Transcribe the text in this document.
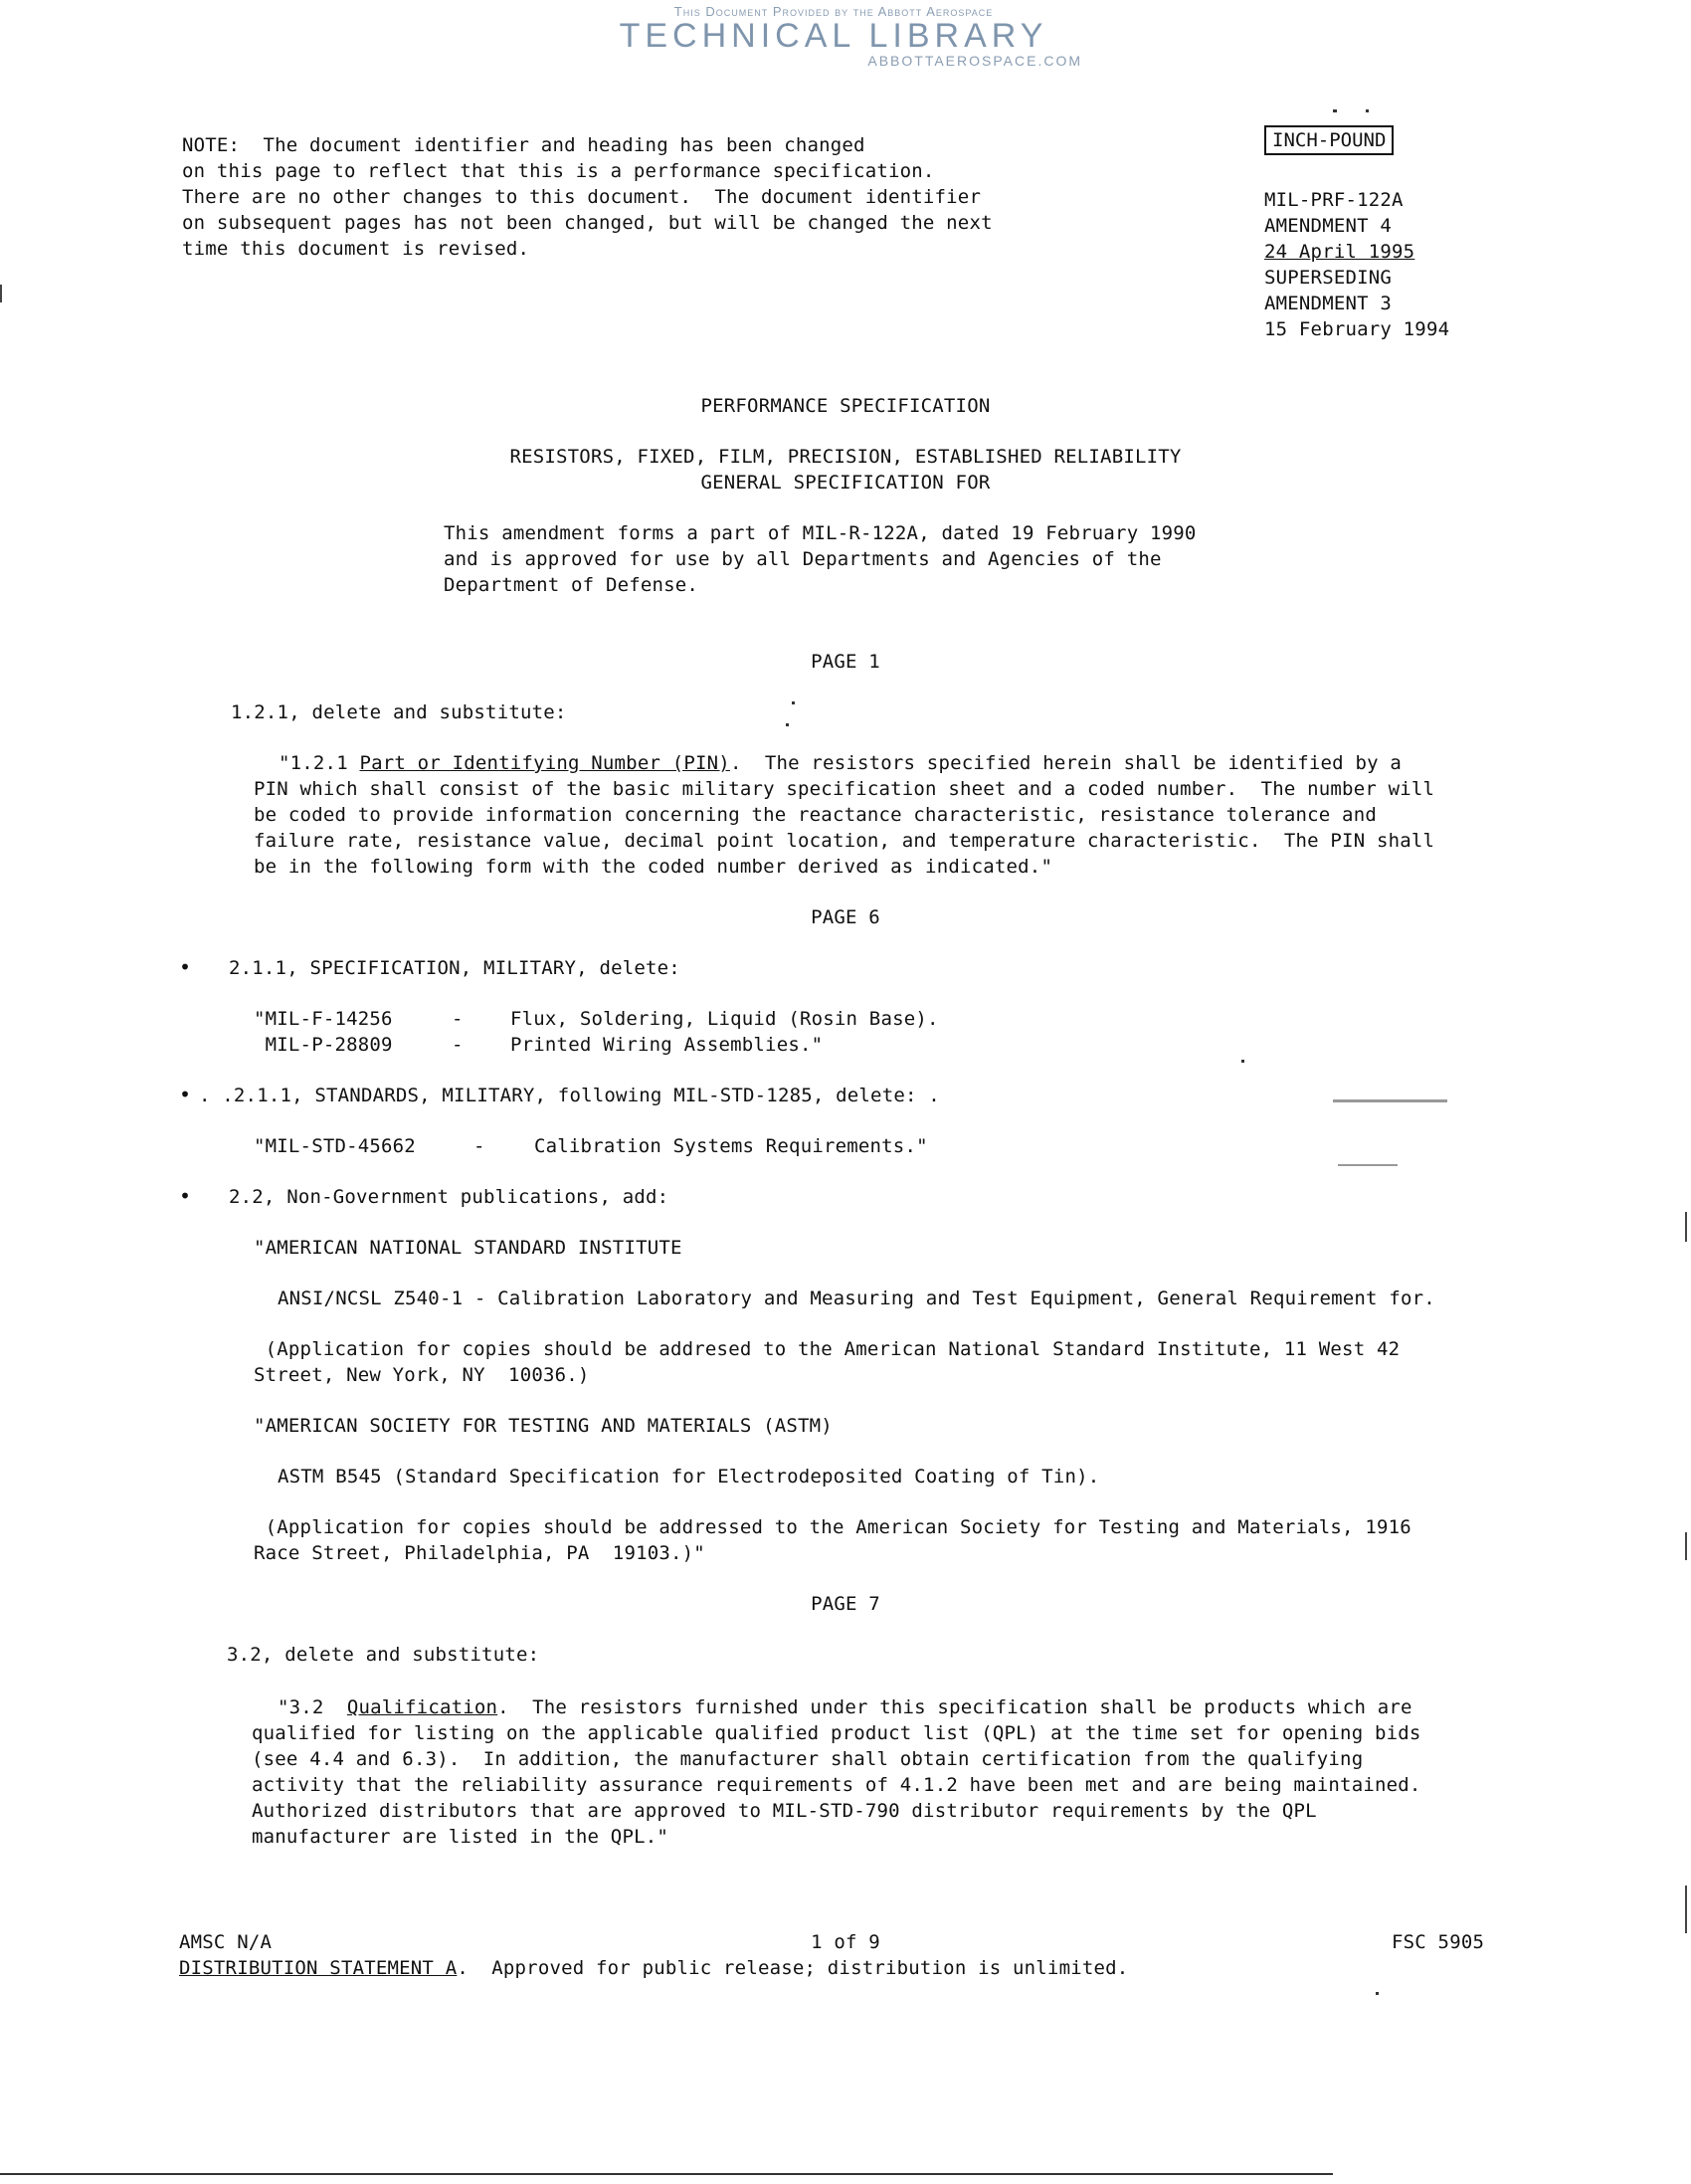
This Document Provided by the Abbott Aerospace
TECHNICAL LIBRARY
ABBOTTAEROSPACE.COM
NOTE:  The document identifier and heading has been changed
on this page to reflect that this is a performance specification.
There are no other changes to this document.  The document identifier
on subsequent pages has not been changed, but will be changed the next
time this document is revised.
INCH-POUND
MIL-PRF-122A
AMENDMENT 4
24 April 1995
SUPERSEDING
AMENDMENT 3
15 February 1994
PERFORMANCE SPECIFICATION
RESISTORS, FIXED, FILM, PRECISION, ESTABLISHED RELIABILITY
GENERAL SPECIFICATION FOR
This amendment forms a part of MIL-R-122A, dated 19 February 1990
and is approved for use by all Departments and Agencies of the
Department of Defense.
PAGE 1
1.2.1, delete and substitute:
"1.2.1 Part or Identifying Number (PIN).  The resistors specified herein shall be identified by a
PIN which shall consist of the basic military specification sheet and a coded number.  The number will
be coded to provide information concerning the reactance characteristic, resistance tolerance and
failure rate, resistance value, decimal point location, and temperature characteristic.  The PIN shall
be in the following form with the coded number derived as indicated."
PAGE 6
• 2.1.1, SPECIFICATION, MILITARY, delete:
"MIL-F-14256	- Flux, Soldering, Liquid (Rosin Base).
MIL-P-28809	- Printed Wiring Assemblies."
• . .2.1.1, STANDARDS, MILITARY, following MIL-STD-1285, delete: .
"MIL-STD-45662	-	Calibration Systems Requirements."
• 2.2, Non-Government publications, add:
"AMERICAN NATIONAL STANDARD INSTITUTE
ANSI/NCSL Z540-1 - Calibration Laboratory and Measuring and Test Equipment, General Requirement for.
(Application for copies should be addresed to the American National Standard Institute, 11 West 42
Street, New York, NY  10036.)
"AMERICAN SOCIETY FOR TESTING AND MATERIALS (ASTM)
ASTM B545 (Standard Specification for Electrodeposited Coating of Tin).
(Application for copies should be addressed to the American Society for Testing and Materials, 1916
Race Street, Philadelphia, PA  19103.)"
PAGE 7
3.2, delete and substitute:
"3.2 Qualification.  The resistors furnished under this specification shall be products which are
qualified for listing on the applicable qualified product list (QPL) at the time set for opening bids
(see 4.4 and 6.3).  In addition, the manufacturer shall obtain certification from the qualifying
activity that the reliability assurance requirements of 4.1.2 have been met and are being maintained.
Authorized distributors that are approved to MIL-STD-790 distributor requirements by the QPL
manufacturer are listed in the QPL."
AMSC N/A	1 of 9	FSC 5905
DISTRIBUTION STATEMENT A.  Approved for public release; distribution is unlimited.
